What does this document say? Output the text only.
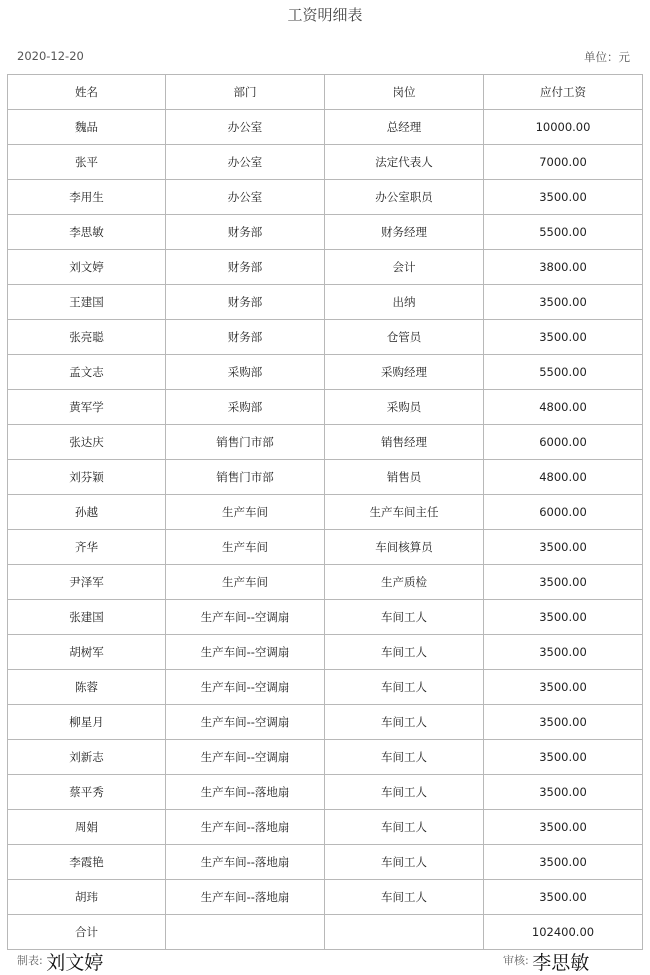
工资明细表
2020-12-20	单位：元
姓名	部门	岗位	应付工资
魏品	办公室	总经理	10000.00
张平	办公室	法定代表人	7000.00
李用生	办公室	办公室职员	3500.00
李思敏	财务部	财务经理	5500.00
刘文婷	财务部	会计	3800.00
王建国	财务部	出纳	3500.00
张亮聪	财务部	仓管员	3500.00
孟文志	采购部	采购经理	5500.00
黄军学	采购部	采购员	4800.00
张达庆	销售门市部	销售经理	6000.00
刘芬颖	销售门市部	销售员	4800.00
孙越	生产车间	生产车间主任	6000.00
齐华	生产车间	车间核算员	3500.00
尹泽军	生产车间	生产质检	3500.00
张建国	生产车间--空调扇	车间工人	3500.00
胡树军	生产车间--空调扇	车间工人	3500.00
陈蓉	生产车间--空调扇	车间工人	3500.00
柳星月	生产车间--空调扇	车间工人	3500.00
刘新志	生产车间--空调扇	车间工人	3500.00
蔡平秀	生产车间--落地扇	车间工人	3500.00
周娟	生产车间--落地扇	车间工人	3500.00
李霞艳	生产车间--落地扇	车间工人	3500.00
胡玮	生产车间--落地扇	车间工人	3500.00
合计			102400.00
制表: 刘文婷	审核: 李思敏
